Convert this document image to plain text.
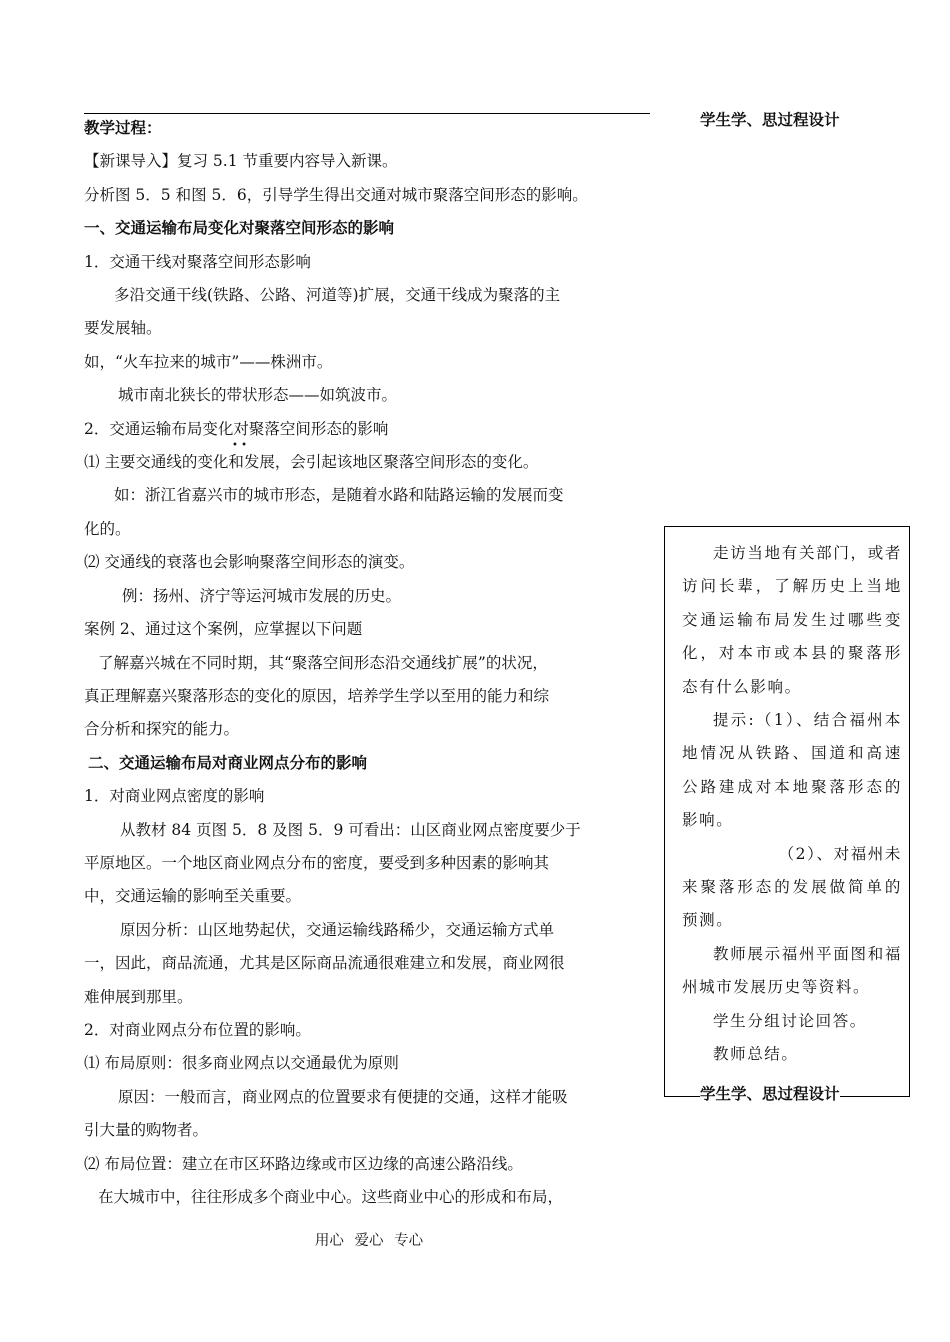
学生学、思过程设计
教学过程：
【新课导入】复习 5.1 节重要内容导入新课。
分析图 5．5 和图 5．6，引导学生得出交通对城市聚落空间形态的影响。
一、交通运输布局变化对聚落空间形态的影响
1．交通干线对聚落空间形态影响
多沿交通干线(铁路、公路、河道等)扩展，交通干线成为聚落的主
要发展轴。
如，“火车拉来的城市”——株洲市。
城市南北狭长的带状形态——如筑波市。
2．交通运输布局变化对聚落空间形态的影响
⑴ 主要交通线的变化和发展，会引起该地区聚落空间形态的变化。
如：浙江省嘉兴市的城市形态，是随着水路和陆路运输的发展而变
化的。
⑵ 交通线的衰落也会影响聚落空间形态的演变。
例：扬州、济宁等运河城市发展的历史。
案例 2、通过这个案例，应掌握以下问题
了解嘉兴城在不同时期，其“聚落空间形态沿交通线扩展”的状况，
真正理解嘉兴聚落形态的变化的原因，培养学生学以至用的能力和综
合分析和探究的能力。
二、交通运输布局对商业网点分布的影响
1．对商业网点密度的影响
从教材 84 页图 5．8 及图 5．9 可看出：山区商业网点密度要少于
平原地区。一个地区商业网点分布的密度，要受到多种因素的影响其
中，交通运输的影响至关重要。
原因分析：山区地势起伏，交通运输线路稀少，交通运输方式单
一，因此，商品流通，尤其是区际商品流通很难建立和发展，商业网很
难伸展到那里。
2．对商业网点分布位置的影响。
⑴ 布局原则：很多商业网点以交通最优为原则
原因：一般而言，商业网点的位置要求有便捷的交通，这样才能吸
引大量的购物者。
⑵ 布局位置：建立在市区环路边缘或市区边缘的高速公路沿线。
在大城市中，往往形成多个商业中心。这些商业中心的形成和布局，
• •

走访当地有关部门，或者访问长辈，了解历史上当地交通运输布局发生过哪些变化，对本市或本县的聚落形态有什么影响。

提示:（1）、结合福州本地情况从铁路、国道和高速公路建成对本地聚落形态的影响。

（2）、对福州未

来聚落形态的发展做简单的预测。

教师展示福州平面图和福州城市发展历史等资料。

学生分组讨论回答。

教师总结。

学生学、思过程设计
用心 爱心 专心
